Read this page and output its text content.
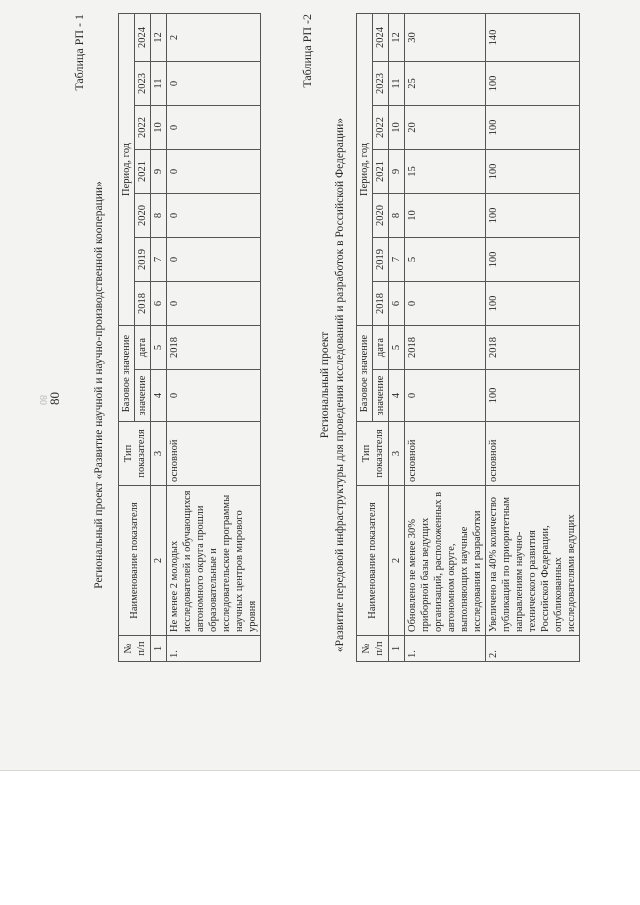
80 80
Таблица РП - 1
Региональный проект «Развитие научной и научно-производственной кооперации»
№ п/п	Наименование показателя	Тип показателя	Базовое значение		Период, год						
			значение	дата	2018	2019	2020	2021	2022	2023	2024
1	2	3	4	5	6	7	8	9	10	11	12
1.	Не менее 2 молодых исследователей и обучающихся автономного округа прошли образовательные и исследовательские программы научных центров мирового уровня	основной	0	2018	0	0	0	0	0	0	2	Таблица РП -2
Региональный проект «Развитие передовой инфраструктуры для проведения исследований и разработок в Российской Федерации» № п/п	Наименование показателя	Тип показателя	Базовое значение		Период, год						
			значение	дата	2018	2019	2020	2021	2022	2023	2024
1	2	3	4	5	6	7	8	9	10	11	12
1.	Обновлено не менее 30% приборной базы ведущих организаций, расположенных в автономном округе, выполняющих научные исследования и разработки	основной	0	2018	0	5	10	15	20	25	30
2.	Увеличено на 40% количество публикаций по приоритетным направлениям научно-технического развития Российской Федерации, опубликованных исследователями ведущих	основной	100	2018	100	100	100	100	100	100	140
